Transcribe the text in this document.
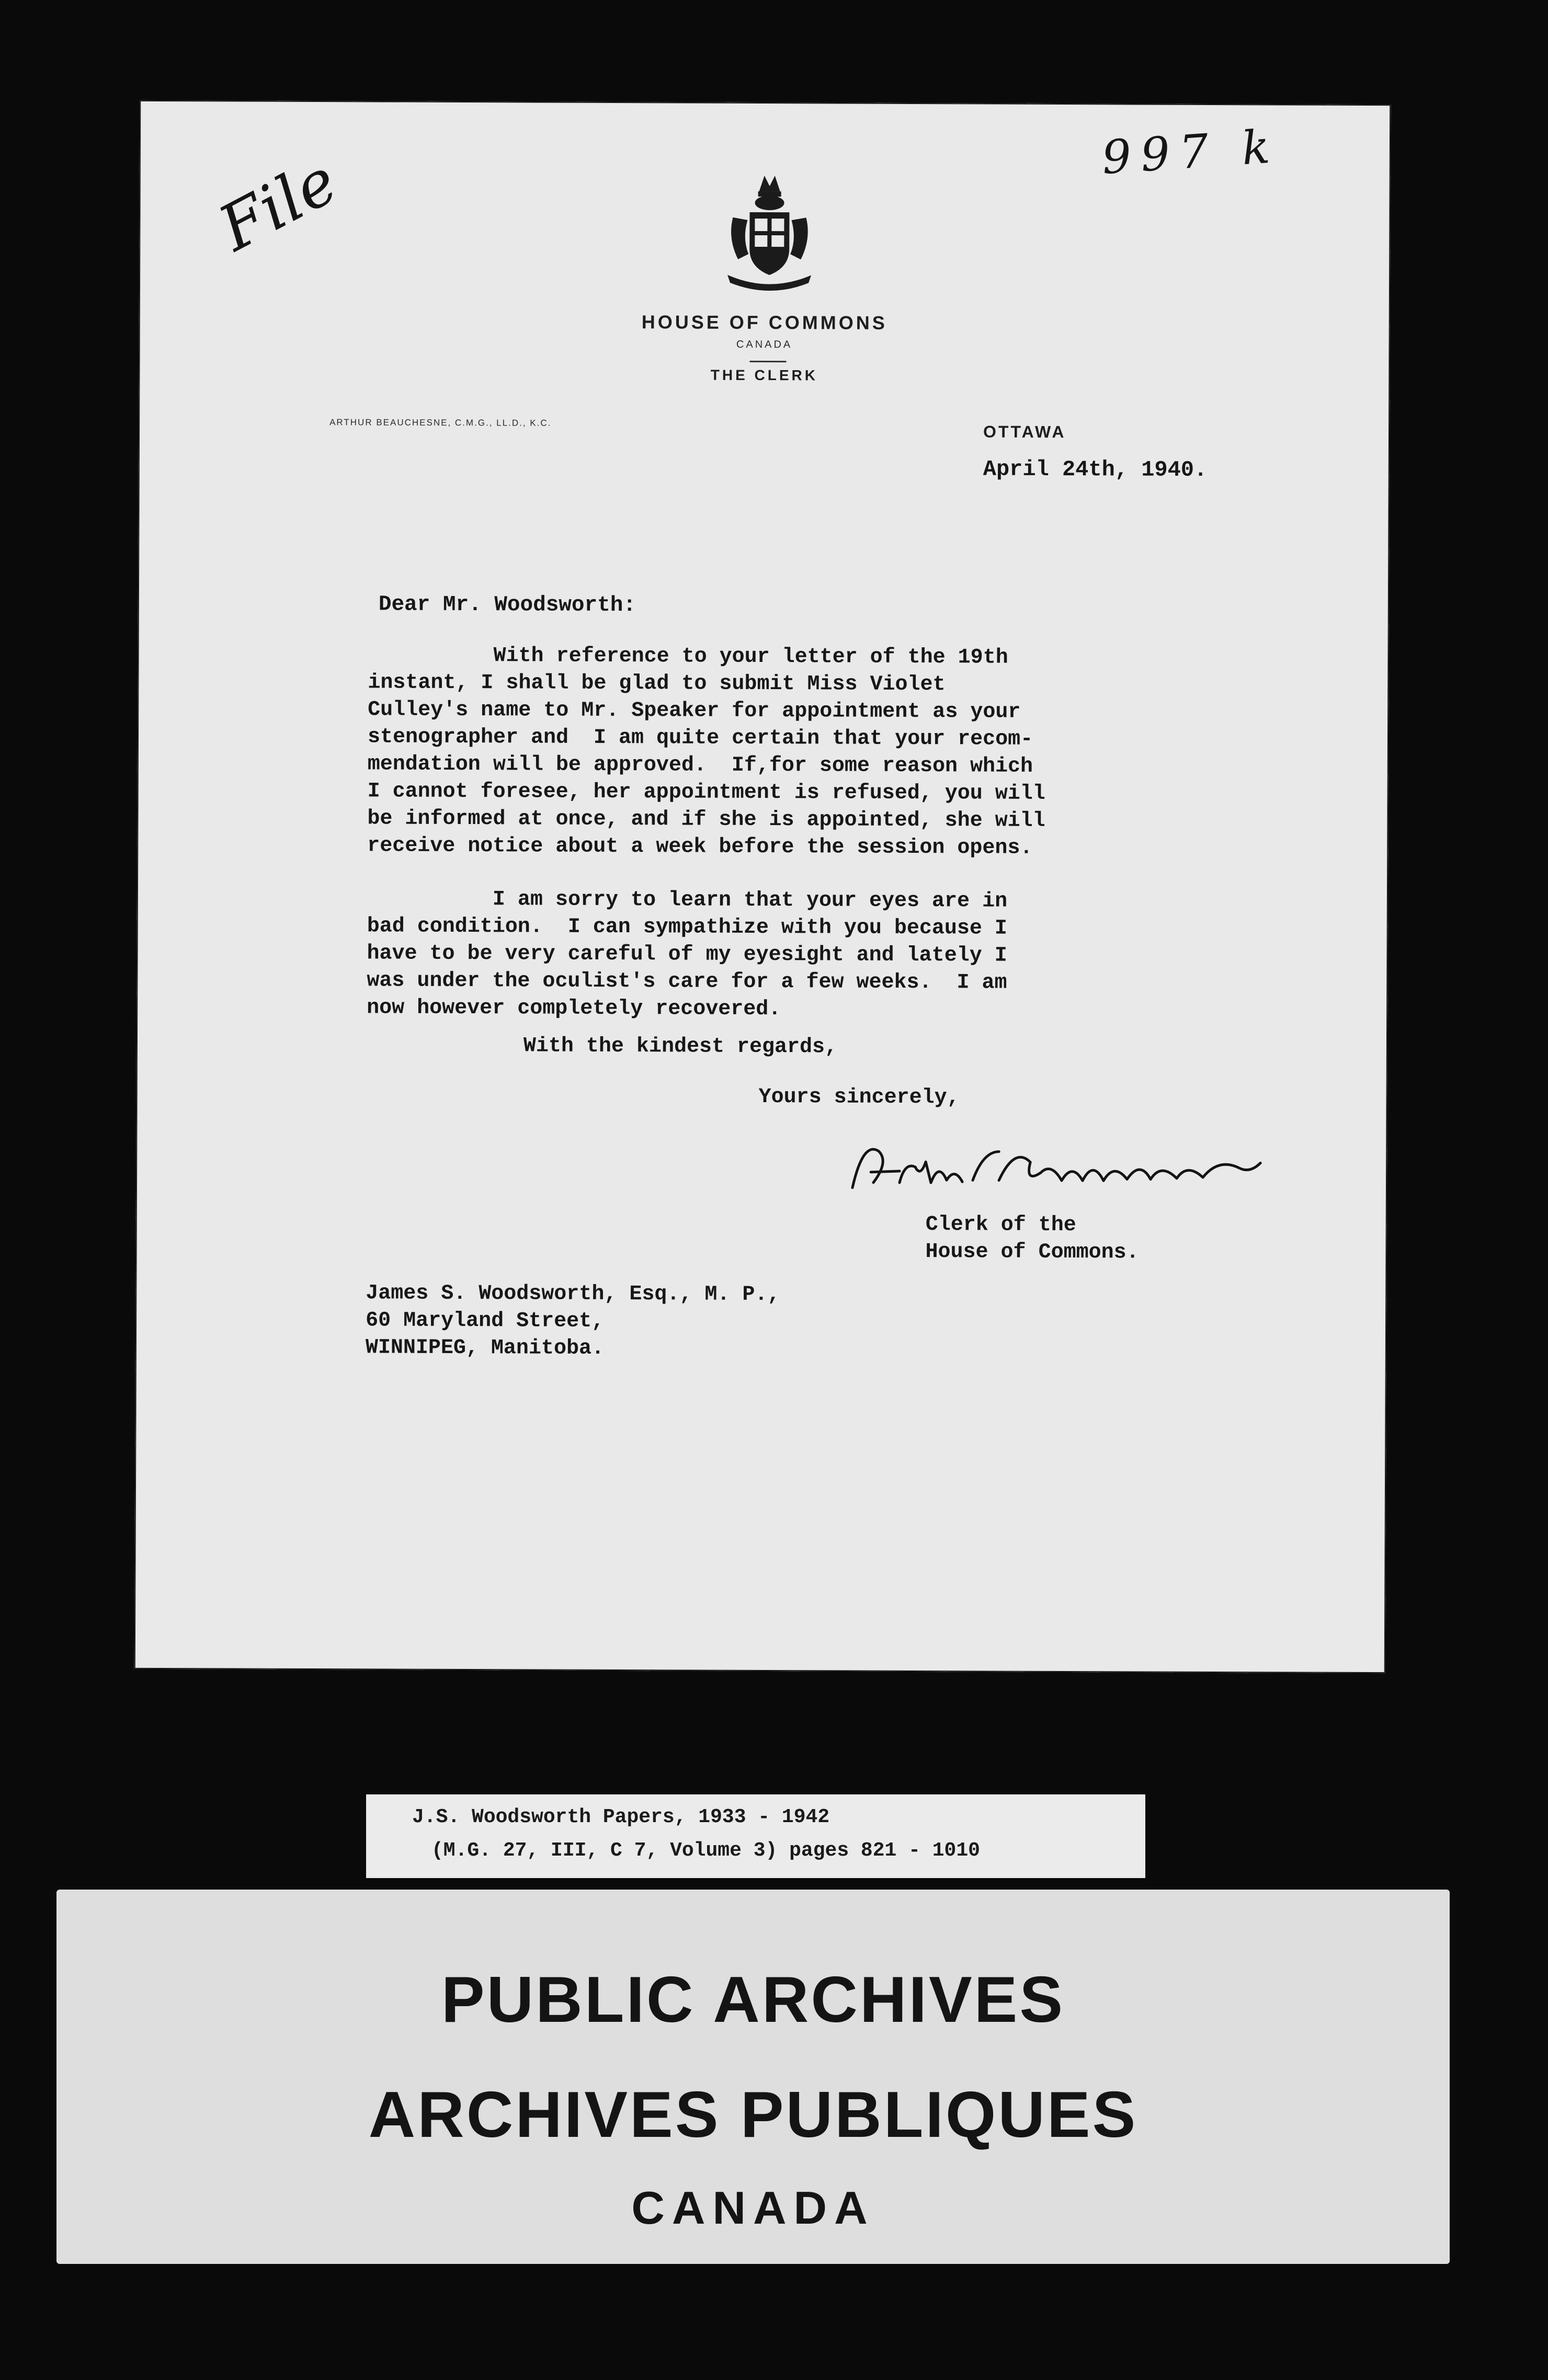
File	997 k
HOUSE OF COMMONS
CANADA
THE CLERK
ARTHUR BEAUCHESNE, C.M.G., LL.D., K.C.	OTTAWA
April 24th, 1940.
Dear Mr. Woodsworth:

With reference to your letter of the 19th
instant, I shall be glad to submit Miss Violet
Culley's name to Mr. Speaker for appointment as your
stenographer and  I am quite certain that your recom-
mendation will be approved.  If,for some reason which
I cannot foresee, her appointment is refused, you will
be informed at once, and if she is appointed, she will
receive notice about a week before the session opens.

I am sorry to learn that your eyes are in
bad condition.  I can sympathize with you because I
have to be very careful of my eyesight and lately I
was under the oculist's care for a few weeks.  I am
now however completely recovered.

With the kindest regards,
Yours sincerely,
Clerk of the
House of Commons.
James S. Woodsworth, Esq., M. P.,
60 Maryland Street,
WINNIPEG, Manitoba.
J.S. Woodsworth Papers, 1933 - 1942
(M.G. 27, III, C 7, Volume 3) pages 821 - 1010
PUBLIC ARCHIVES
ARCHIVES PUBLIQUES
CANADA
